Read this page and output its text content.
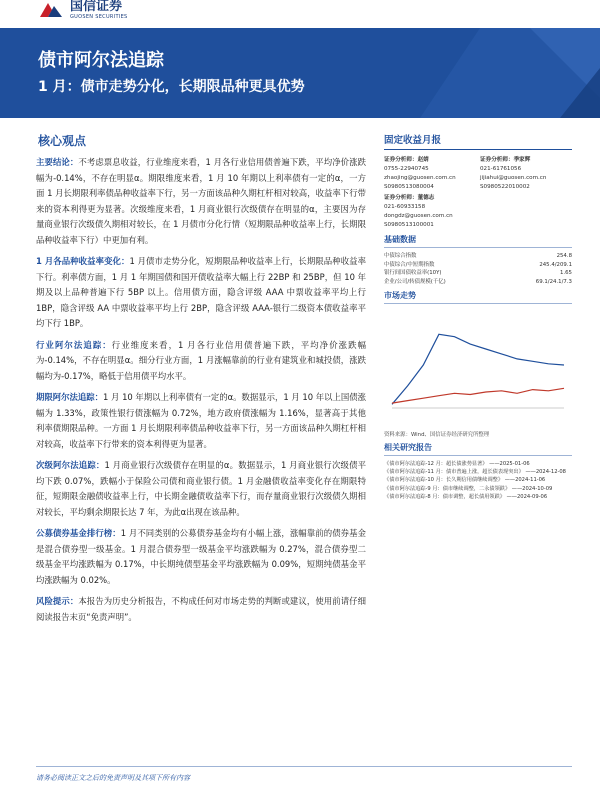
国信证券
GUOSEN SECURITIES
债市阿尔法追踪
1 月：债市走势分化，长期限品种更具优势
核心观点
主要结论：不考虑票息收益，行业维度来看，1 月各行业信用债普遍下跌，平均净价涨跌幅为-0.14%，不存在明显α。期限维度来看，1 月 10 年期以上利率债有一定的α，一方面 1 月长期限利率债品种收益率下行，另一方面该品种久期杠杆相对较高，收益率下行带来的资本利得更为显著。次级维度来看，1 月商业银行次级债存在明显的α，主要因为存量商业银行次级债久期相对较长，在 1 月债市分化行情（短期限品种收益率上行，长期限品种收益率下行）中更加有利。
1 月各品种收益率变化：1 月债市走势分化，短期限品种收益率上行，长期限品种收益率下行。利率债方面，1 月 1 年期国债和国开债收益率大幅上行 22BP 和 25BP，但 10 年期及以上品种普遍下行 5BP 以上。信用债方面，隐含评级 AAA 中票收益率平均上行 1BP，隐含评级 AA 中票收益率平均上行 2BP，隐含评级 AAA-银行二级资本债收益率平均下行 1BP。
行业阿尔法追踪：行业维度来看，1 月各行业信用债普遍下跌，平均净价涨跌幅为-0.14%，不存在明显α。细分行业方面，1 月涨幅靠前的行业有建筑业和城投债，涨跌幅均为-0.17%，略低于信用债平均水平。
期限阿尔法追踪：1 月 10 年期以上利率债有一定的α。数据显示，1 月 10 年以上国债涨幅为 1.33%，政策性银行债涨幅为 0.72%，地方政府债涨幅为 1.16%，显著高于其他利率债期限品种。一方面 1 月长期限利率债品种收益率下行，另一方面该品种久期杠杆相对较高，收益率下行带来的资本利得更为显著。
次级阿尔法追踪：1 月商业银行次级债存在明显的α。数据显示，1 月商业银行次级债平均下跌 0.07%，跌幅小于保险公司债和商业银行债。1 月金融债收益率变化存在期限特征，短期限金融债收益率上行，中长期金融债收益率下行，而存量商业银行次级债久期相对较长，平均剩余期限长达 7 年，为此α出现在该品种。
公募债券基金排行榜：1 月不同类别的公募债券基金均有小幅上涨，涨幅靠前的债券基金是混合债券型一级基金。1 月混合债券型一级基金平均涨跌幅为 0.27%，混合债券型二级基金平均涨跌幅为 0.17%，中长期纯债型基金平均涨跌幅为 0.09%，短期纯债基金平均涨跌幅为 0.02%。
风险提示：本报告为历史分析报告，不构成任何对市场走势的判断或建议，使用前请仔细阅读报告末页“免责声明”。
固定收益月报
证券分析师：赵婧
0755-22940745
zhaojing@guosen.com.cn
S0980513080004
证券分析师：季家辉
021-61761056
jijiahui@guosen.com.cn
S0980522010002
证券分析师：董德志
021-60933158
dongdz@guosen.com.cn
S0980513100001
基础数据
中债综合指数	254.8
中债综合/中短期指数	245.4/209.1
银行间国债收益率(10Y)	1.65
企业/公司/转债规模(千亿)	69.1/24.1/7.3
市场走势
资料来源：Wind、国信证券经济研究所整理
相关研究报告
《债市阿尔法追踪-12 月：超长债涨势显著》 ——2025-01-06
《债市阿尔法追踪-11 月：债市普遍上涨，超长债表现突出》 ——2024-12-08
《债市阿尔法追踪-10 月：长久期信用债继续调整》 ——2024-11-06
《债市阿尔法追踪-9 月：债市继续调整，二永债领跌》 ——2024-10-09
《债市阿尔法追踪-8 月：债市调整，超长债用领跌》 ——2024-09-06
请务必阅读正文之后的免责声明及其项下所有内容
